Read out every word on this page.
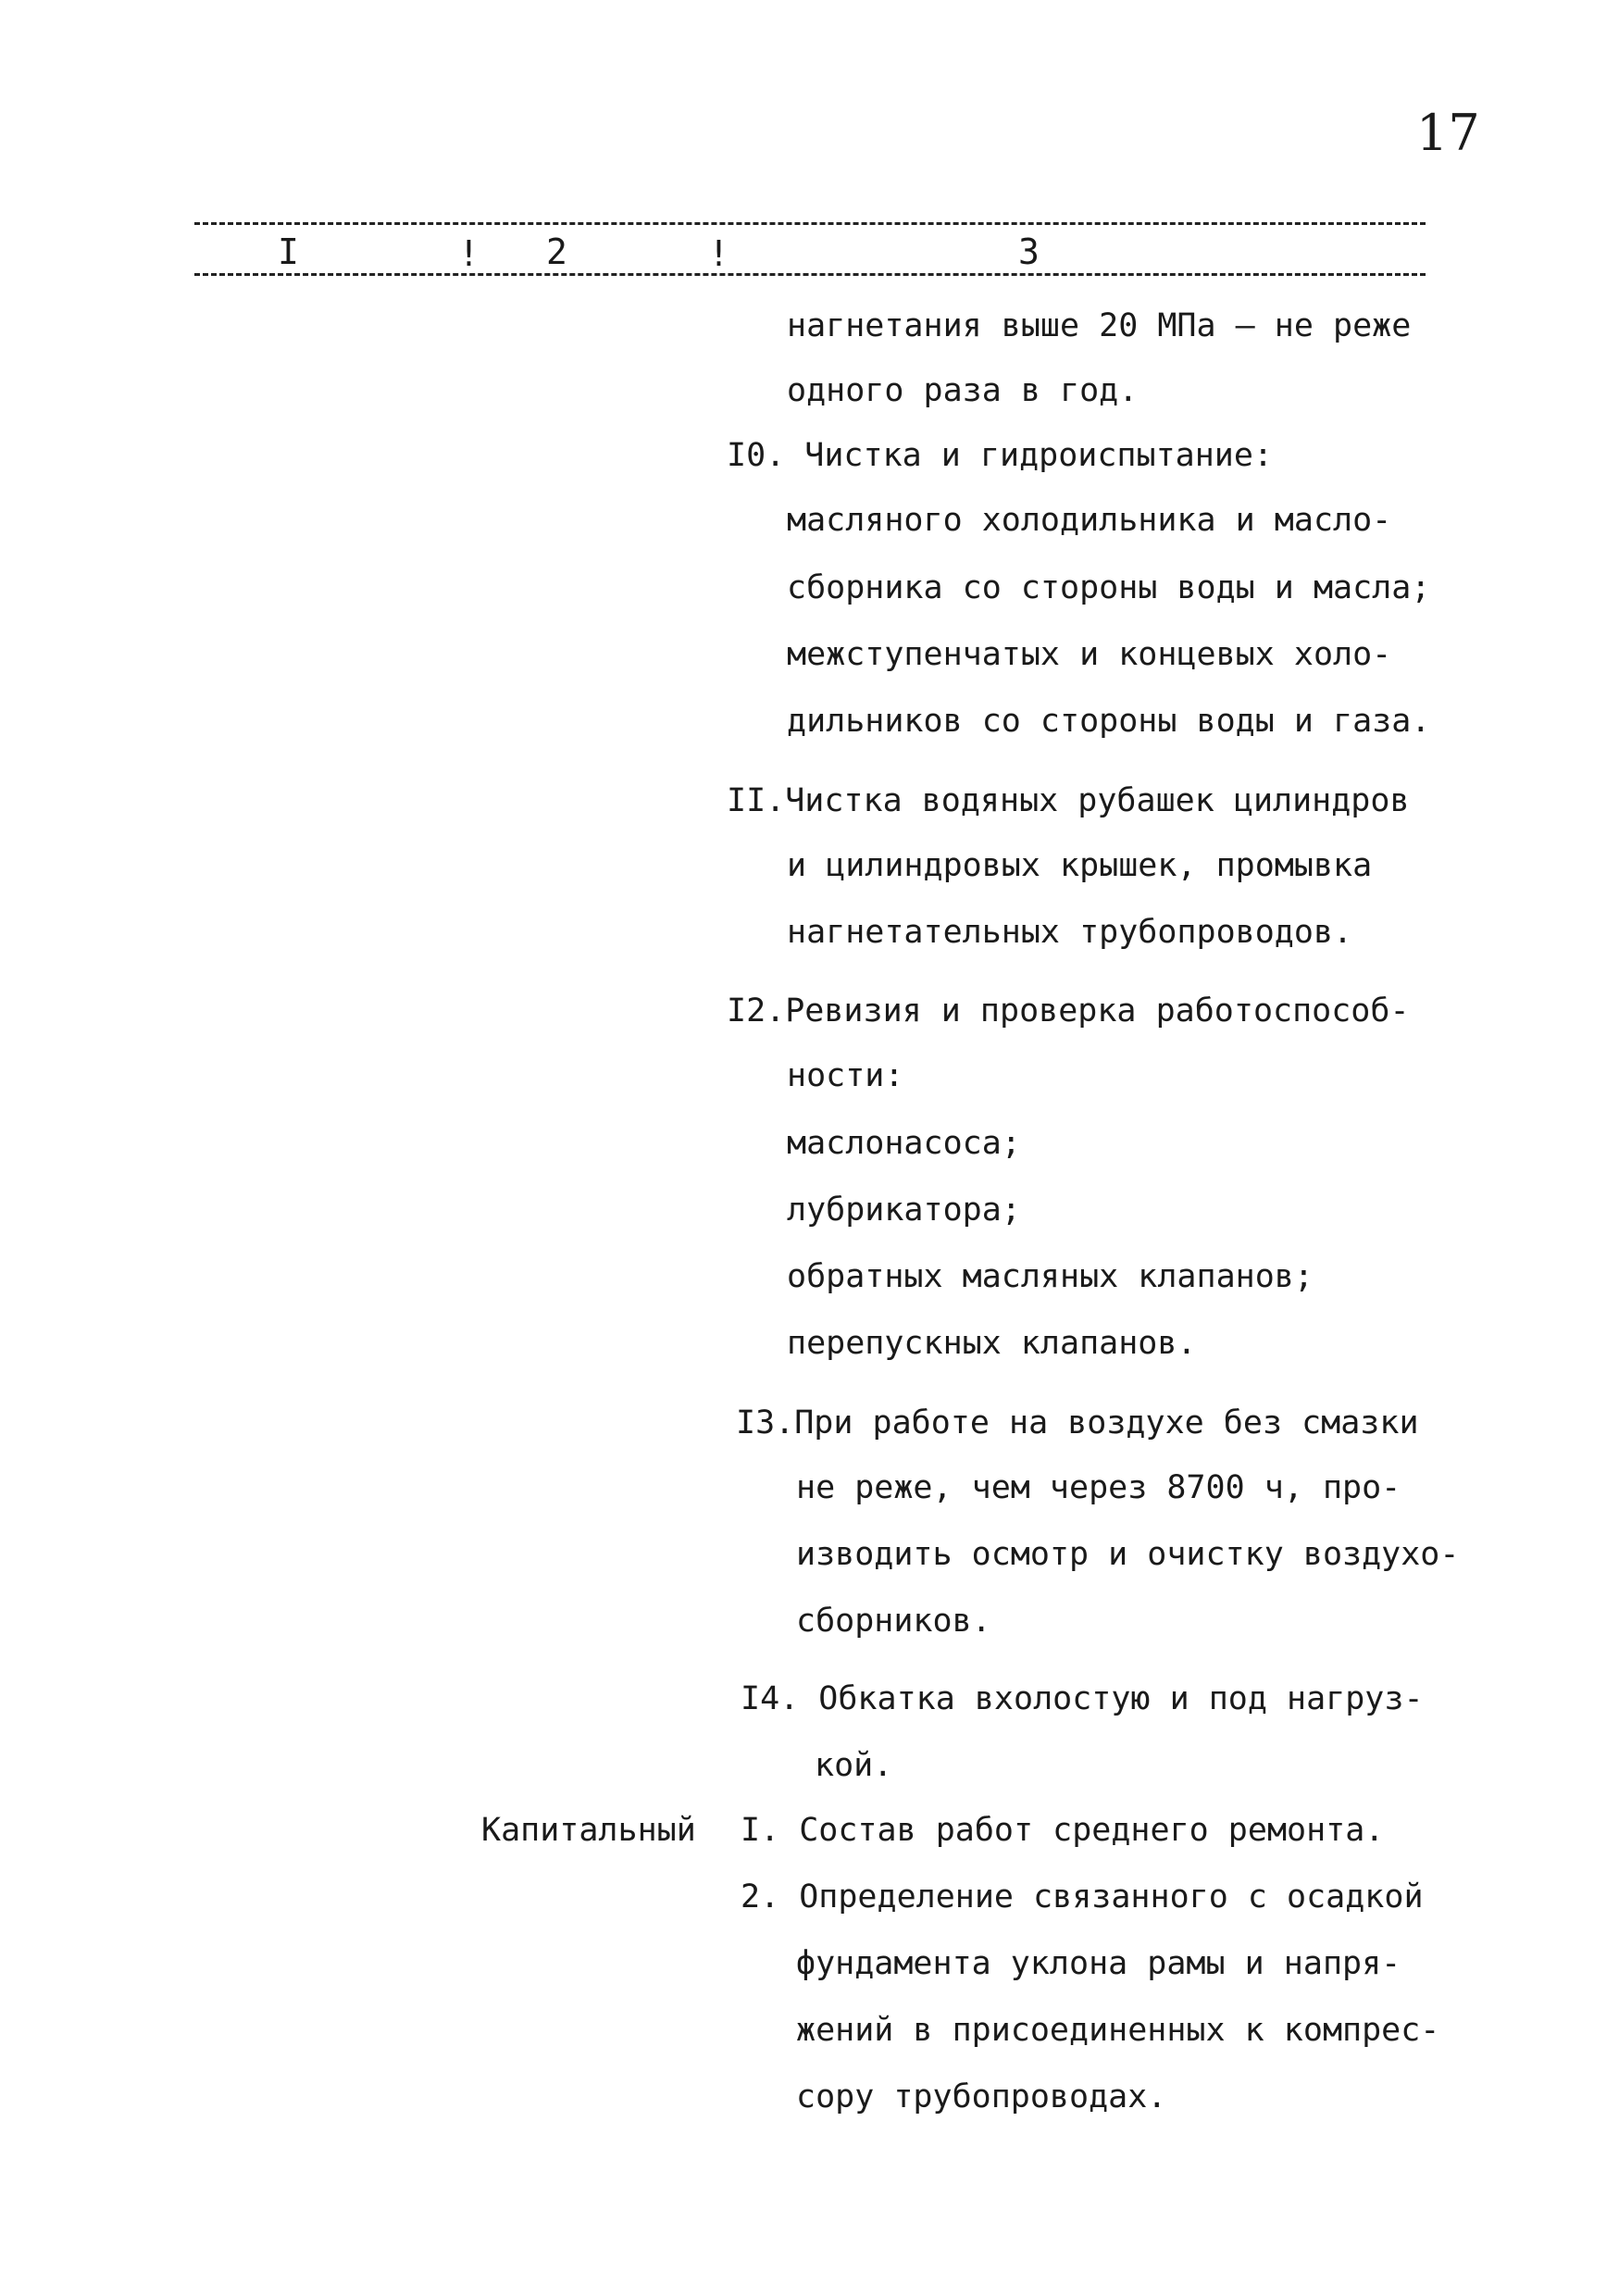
17
I	! 2	!	3
нагнетания выше 20 МПа – не реже
одного раза в год.
I0. Чистка и гидроиспытание:
масляного холодильника и масло-
сборника со стороны воды и масла;
межступенчатых и концевых холо-
дильников со стороны воды и газа.
II.Чистка водяных рубашек цилиндров
и цилиндровых крышек, промывка
нагнетательных трубопроводов.
I2.Ревизия и проверка работоспособ-
ности:
маслонасоса;
лубрикатора;
обратных масляных клапанов;
перепускных клапанов.
I3.При работе на воздухе без смазки
не реже, чем через 8700 ч, про-
изводить осмотр и очистку воздухо-
сборников.
I4. Обкатка вхолостую и под нагруз-
кой.
Капитальный I. Состав работ среднего ремонта.
2. Определение связанного с осадкой
фундамента уклона рамы и напря-
жений в присоединенных к компрес-
сору трубопроводах.
